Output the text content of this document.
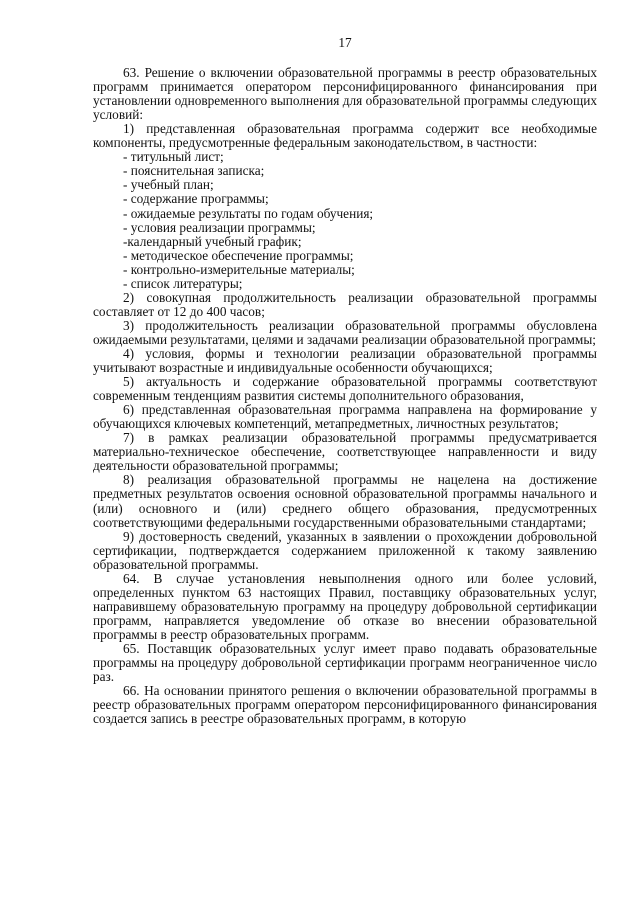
17

63. Решение о включении образовательной программы в реестр образовательных программ принимается оператором персонифицированного финансирования при установлении одновременного выполнения для образовательной программы следующих условий:

1) представленная образовательная программа содержит все необходимые компоненты, предусмотренные федеральным законодательством, в частности:

- титульный лист;
- пояснительная записка;
- учебный план;
- содержание программы;
- ожидаемые результаты по годам обучения;
- условия реализации программы;
-календарный учебный график;
- методическое обеспечение программы;
- контрольно-измерительные материалы;
- список литературы;

2) совокупная продолжительность реализации образовательной программы составляет от 12 до 400 часов;

3) продолжительность реализации образовательной программы обусловлена ожидаемыми результатами, целями и задачами реализации образовательной программы;

4) условия, формы и технологии реализации образовательной программы учитывают возрастные и индивидуальные особенности обучающихся;

5) актуальность и содержание образовательной программы соответствуют современным тенденциям развития системы дополнительного образования,

6) представленная образовательная программа направлена на формирование у обучающихся ключевых компетенций, метапредметных, личностных результатов;

7) в рамках реализации образовательной программы предусматривается материально-техническое обеспечение, соответствующее направленности и виду деятельности образовательной программы;

8) реализация образовательной программы не нацелена на достижение предметных результатов освоения основной образовательной программы начального и (или) основного и (или) среднего общего образования, предусмотренных соответствующими федеральными государственными образовательными стандартами;

9) достоверность сведений, указанных в заявлении о прохождении добровольной сертификации, подтверждается содержанием приложенной к такому заявлению образовательной программы.

64. В случае установления невыполнения одного или более условий, определенных пунктом 63 настоящих Правил, поставщику образовательных услуг, направившему образовательную программу на процедуру добровольной сертификации программ, направляется уведомление об отказе во внесении образовательной программы в реестр образовательных программ.

65. Поставщик образовательных услуг имеет право подавать образовательные программы на процедуру добровольной сертификации программ неограниченное число раз.

66. На основании принятого решения о включении образовательной программы в реестр образовательных программ оператором персонифицированного финансирования создается запись в реестре образовательных программ, в которую
